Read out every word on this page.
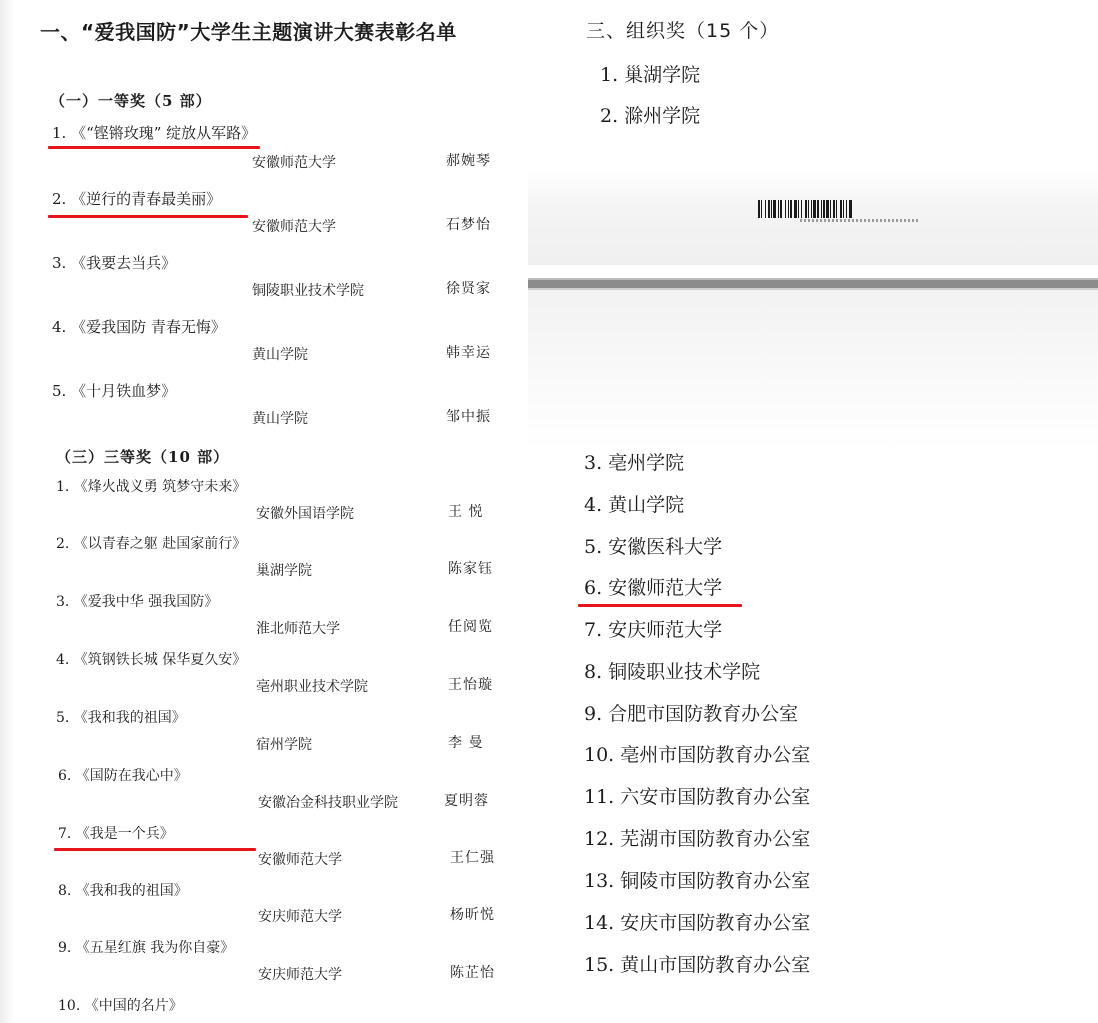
一、“爱我国防”大学生主题演讲大赛表彰名单
（一）一等奖（5 部）
1. 《“铿锵玫瑰” 绽放从军路》
安徽师范大学	郝婉琴
2. 《逆行的青春最美丽》
安徽师范大学	石梦怡
3. 《我要去当兵》
铜陵职业技术学院	徐贤家
4. 《爱我国防 青春无悔》
黄山学院	韩幸运
5. 《十月铁血梦》
黄山学院	邹中振
（三）三等奖（10 部）
1. 《烽火战义勇 筑梦守未来》
安徽外国语学院	王 悦
2. 《以青春之躯 赴国家前行》
巢湖学院	陈家钰
3. 《爱我中华 强我国防》
淮北师范大学	任阅览
4. 《筑钢铁长城 保华夏久安》
亳州职业技术学院	王怡璇
5. 《我和我的祖国》
宿州学院	李 曼
6. 《国防在我心中》
安徽冶金科技职业学院	夏明蓉
7. 《我是一个兵》
安徽师范大学	王仁强
8. 《我和我的祖国》
安庆师范大学	杨昕悦
9. 《五星红旗 我为你自豪》
安庆师范大学	陈芷怡
10. 《中国的名片》
三、组织奖（15 个）
1. 巢湖学院
2. 滁州学院
3. 亳州学院
4. 黄山学院
5. 安徽医科大学
6. 安徽师范大学
7. 安庆师范大学
8. 铜陵职业技术学院
9. 合肥市国防教育办公室
10. 亳州市国防教育办公室
11. 六安市国防教育办公室
12. 芜湖市国防教育办公室
13. 铜陵市国防教育办公室
14. 安庆市国防教育办公室
15. 黄山市国防教育办公室
